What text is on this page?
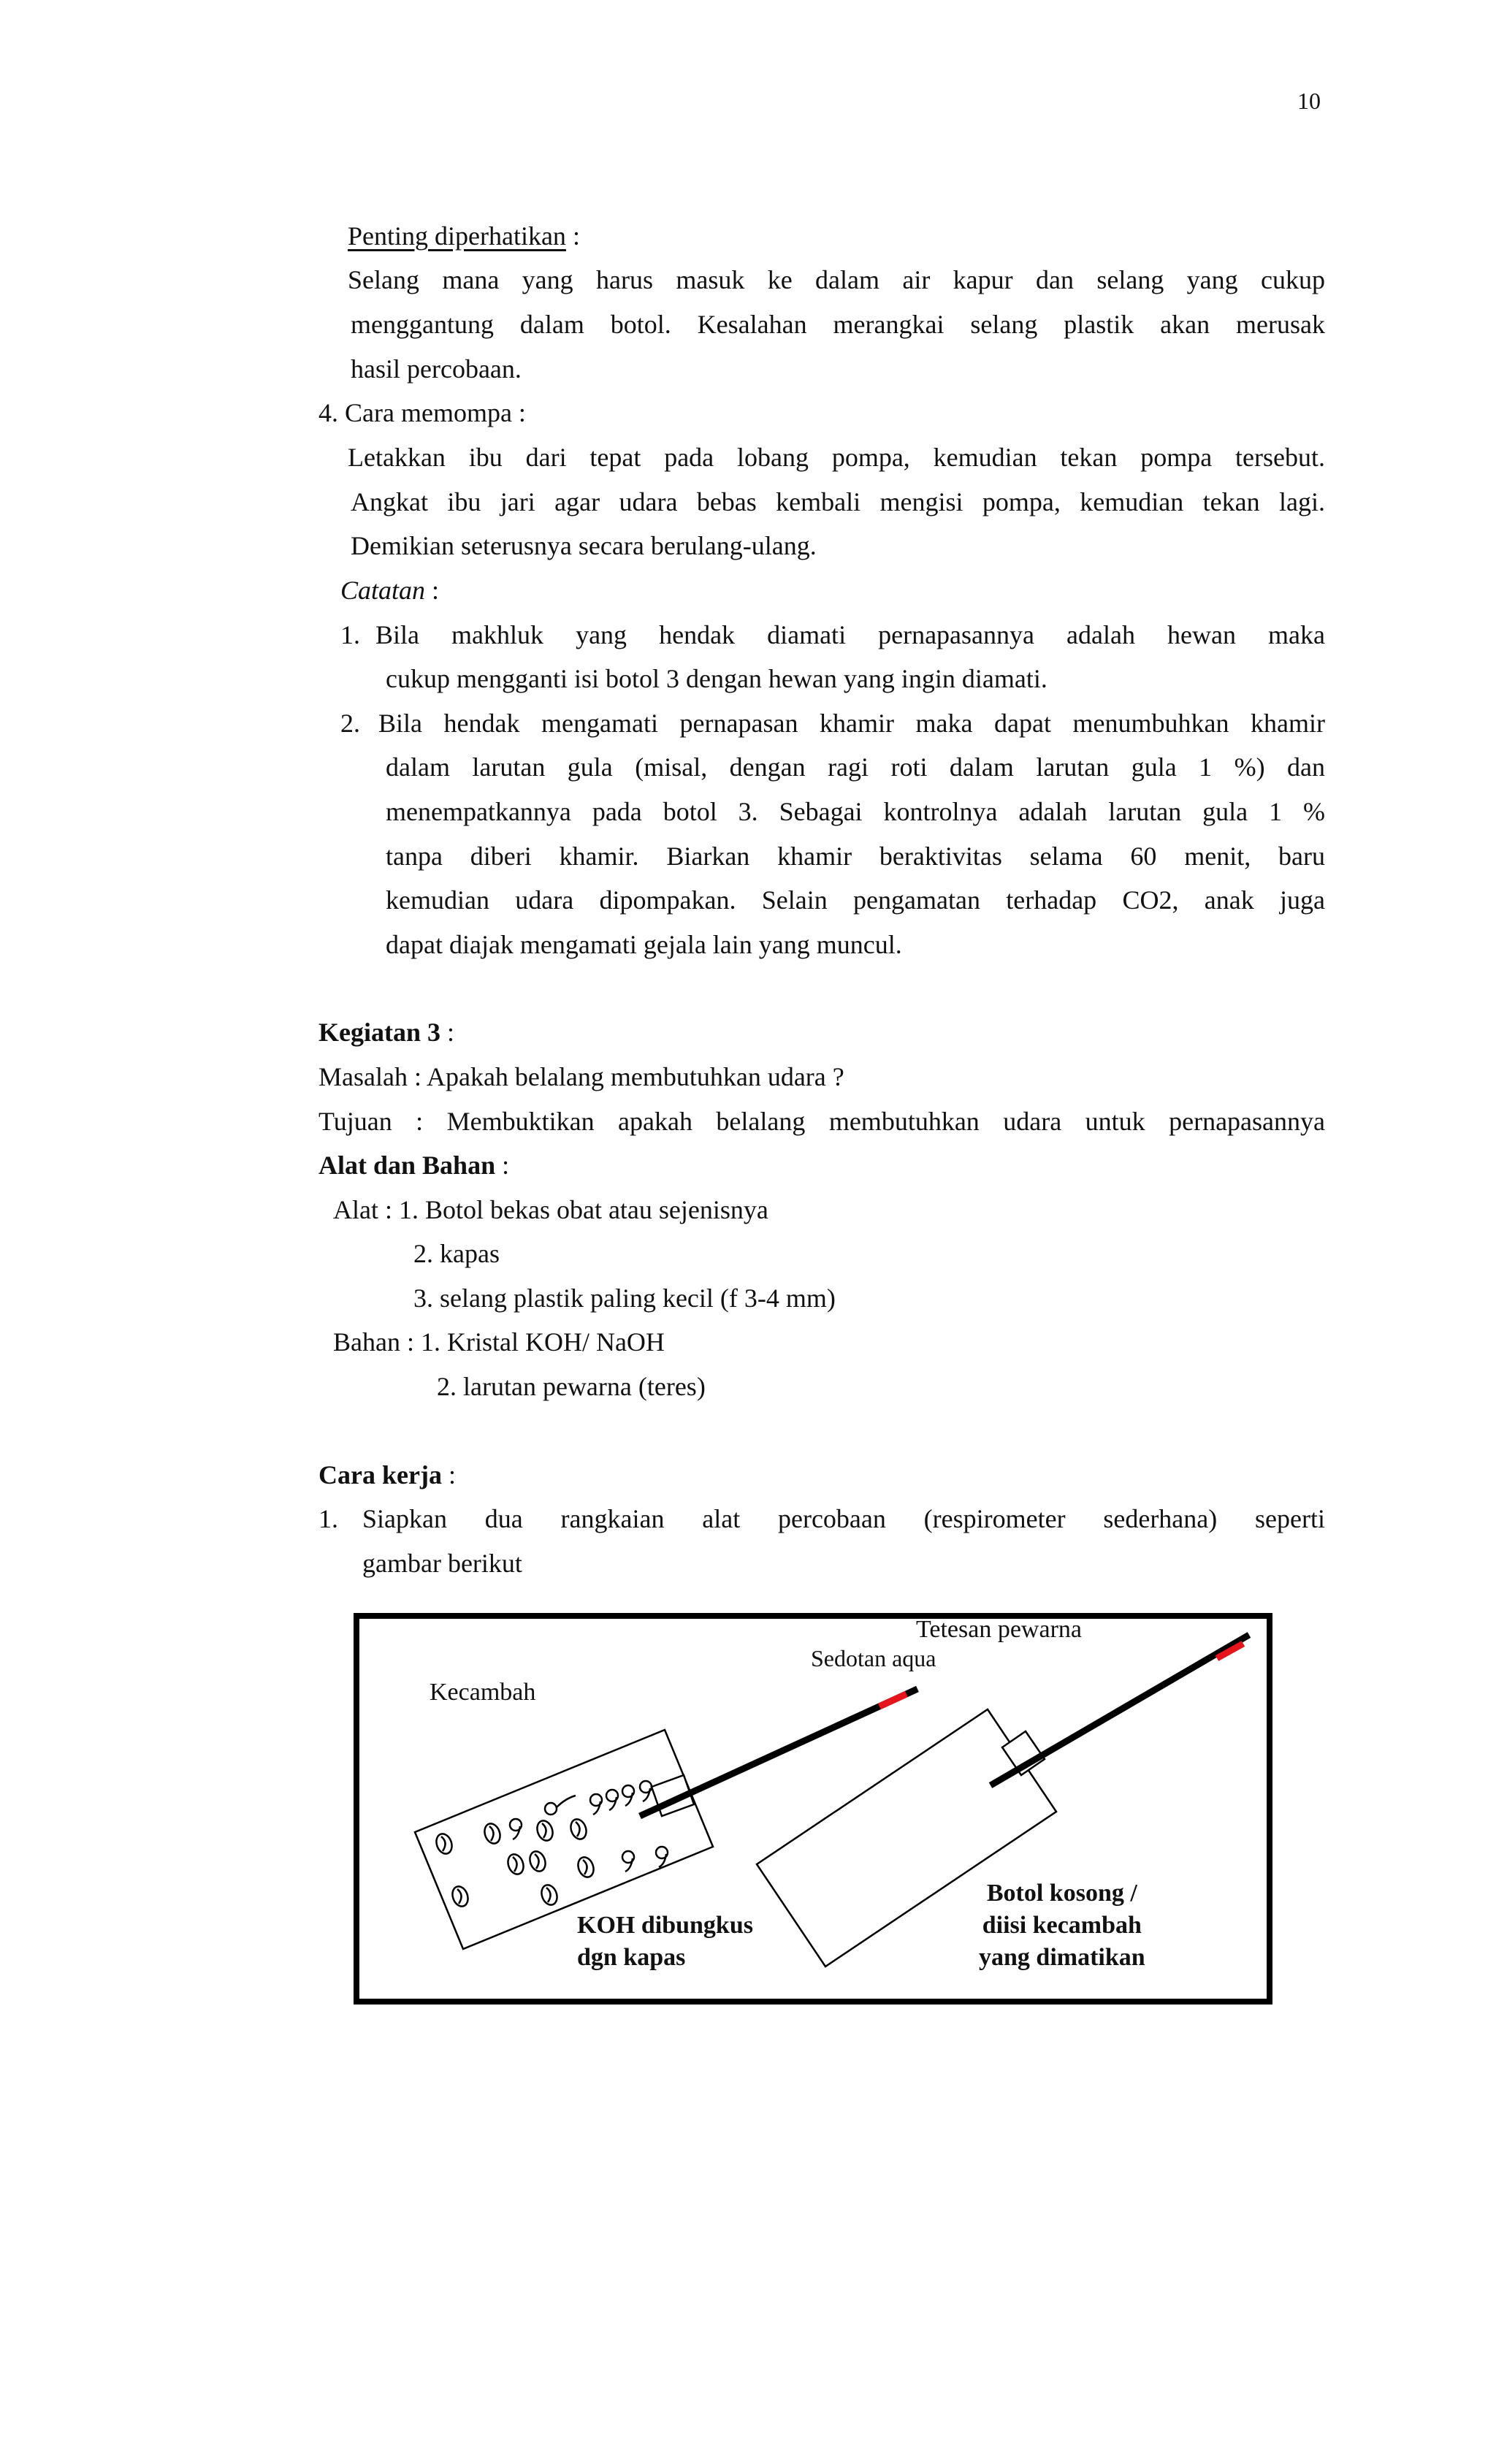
10
Penting diperhatikan :
Selang mana yang harus masuk ke dalam air kapur dan selang yang cukup
menggantung dalam botol. Kesalahan merangkai selang plastik akan merusak
hasil percobaan.
4. Cara memompa :
Letakkan ibu dari tepat pada lobang pompa, kemudian tekan pompa tersebut.
Angkat ibu jari agar udara bebas kembali mengisi pompa, kemudian tekan lagi.
Demikian seterusnya secara berulang-ulang.
Catatan :
1. Bila makhluk yang hendak diamati pernapasannya adalah hewan maka
cukup mengganti isi botol 3 dengan hewan yang ingin diamati.
2. Bila hendak mengamati pernapasan khamir maka dapat menumbuhkan khamir
dalam larutan gula (misal, dengan ragi roti dalam larutan gula 1 %) dan
menempatkannya pada botol 3. Sebagai kontrolnya adalah larutan gula 1 %
tanpa diberi khamir. Biarkan khamir beraktivitas selama 60 menit, baru
kemudian udara dipompakan. Selain pengamatan terhadap CO2, anak juga
dapat diajak mengamati gejala lain yang muncul.
Kegiatan 3 :
Masalah : Apakah belalang membutuhkan udara ?
Tujuan : Membuktikan apakah belalang membutuhkan udara untuk pernapasannya
Alat dan Bahan :
Alat : 1. Botol bekas obat atau sejenisnya
2. kapas
3. selang plastik paling kecil (f 3-4 mm)
Bahan : 1. Kristal KOH/ NaOH
2. larutan pewarna (teres)
Cara kerja :
1. Siapkan dua rangkaian alat percobaan (respirometer sederhana) seperti
gambar berikut
Kecambah
Sedotan aqua
Tetesan pewarna
KOH dibungkus
dgn kapas
Botol kosong /
diisi kecambah
yang dimatikan
